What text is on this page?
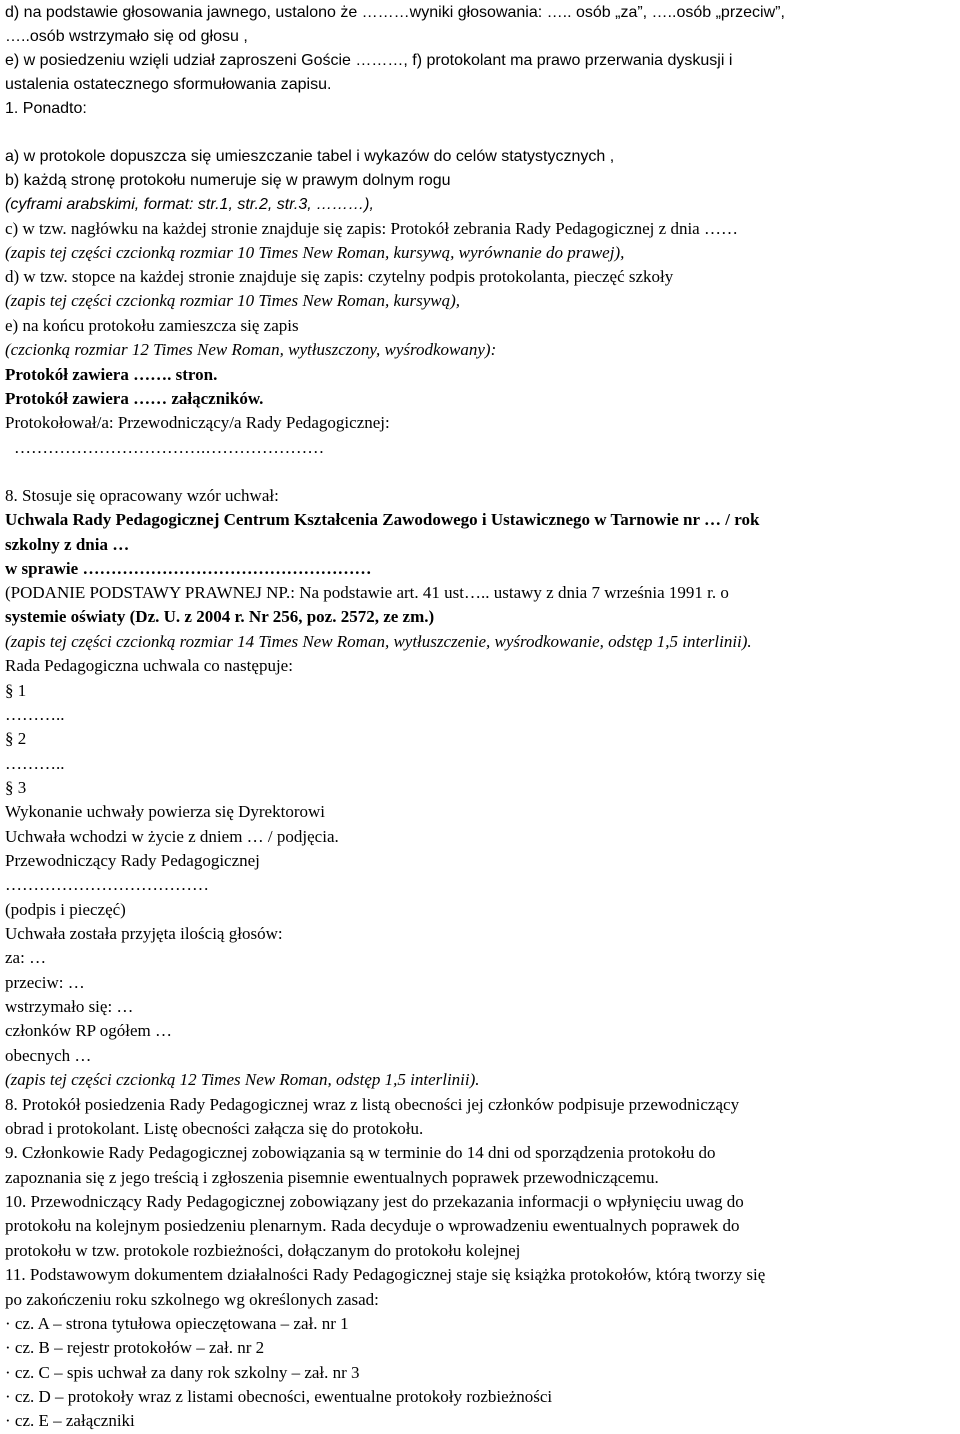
d) na podstawie głosowania jawnego, ustalono że ………wyniki głosowania: ….. osób „za”, …..osób „przeciw”,
…..osób wstrzymało się od głosu ,
e) w posiedzeniu wzięli udział zaproszeni Goście ………, f) protokolant ma prawo przerwania dyskusji i
ustalenia ostatecznego sformułowania zapisu.
1. Ponadto:
a) w protokole dopuszcza się umieszczanie tabel i wykazów do celów statystycznych ,
b) każdą stronę protokołu numeruje się w prawym dolnym rogu
(cyframi arabskimi, format: str.1, str.2, str.3, ………),
c) w tzw. nagłówku na każdej stronie znajduje się zapis: Protokół zebrania Rady Pedagogicznej z dnia ……
(zapis tej części czcionką rozmiar 10 Times New Roman, kursywą, wyrównanie do prawej),
d) w tzw. stopce na każdej stronie znajduje się zapis: czytelny podpis protokolanta, pieczęć szkoły
(zapis tej części czcionką rozmiar 10 Times New Roman, kursywą),
e) na końcu protokołu zamieszcza się zapis
(czcionką rozmiar 12 Times New Roman, wytłuszczony, wyśrodkowany):
Protokół zawiera ……. stron.
Protokół zawiera …… załączników.
Protokołował/a: Przewodniczący/a Rady Pedagogicznej:
…………………………….…………………
8. Stosuje się opracowany wzór uchwał:
Uchwala Rady Pedagogicznej Centrum Kształcenia Zawodowego i Ustawicznego w Tarnowie nr … / rok
szkolny z dnia …
w sprawie ……………………………………………
(PODANIE PODSTAWY PRAWNEJ NP.: Na podstawie art. 41 ust….. ustawy z dnia 7 września 1991 r. o
systemie oświaty (Dz. U. z 2004 r. Nr 256, poz. 2572, ze zm.)
(zapis tej części czcionką rozmiar 14 Times New Roman, wytłuszczenie, wyśrodkowanie, odstęp 1,5 interlinii).
Rada Pedagogiczna uchwala co następuje:
§ 1
………..
§ 2
………..
§ 3
Wykonanie uchwały powierza się Dyrektorowi
Uchwała wchodzi w życie z dniem … / podjęcia.
Przewodniczący Rady Pedagogicznej
………………………………
(podpis i pieczęć)
Uchwała została przyjęta ilością głosów:
za: …
przeciw: …
wstrzymało się: …
członków RP ogółem …
obecnych …
(zapis tej części czcionką 12 Times New Roman, odstęp 1,5 interlinii).
8. Protokół posiedzenia Rady Pedagogicznej wraz z listą obecności jej członków podpisuje przewodniczący
obrad i protokolant. Listę obecności załącza się do protokołu.
9. Członkowie Rady Pedagogicznej zobowiązania są w terminie do 14 dni od sporządzenia protokołu do
zapoznania się z jego treścią i zgłoszenia pisemnie ewentualnych poprawek przewodniczącemu.
10. Przewodniczący Rady Pedagogicznej zobowiązany jest do przekazania informacji o wpłynięciu uwag do
protokołu na kolejnym posiedzeniu plenarnym. Rada decyduje o wprowadzeniu ewentualnych poprawek do
protokołu w tzw. protokole rozbieżności, dołączanym do protokołu kolejnej
11. Podstawowym dokumentem działalności Rady Pedagogicznej staje się książka protokołów, którą tworzy się
po zakończeniu roku szkolnego wg określonych zasad:
· cz. A – strona tytułowa opieczętowana – zał. nr 1
· cz. B – rejestr protokołów – zał. nr 2
· cz. C – spis uchwał za dany rok szkolny – zał. nr 3
· cz. D – protokoły wraz z listami obecności, ewentualne protokoły rozbieżności
· cz. E – załączniki
